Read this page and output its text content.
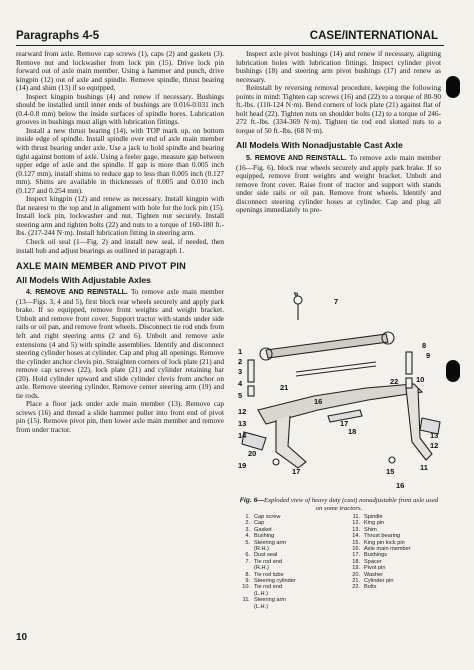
Paragraphs 4-5	CASE/INTERNATIONAL

rearward from axle. Remove cap screws (1), caps (2) and gaskets (3). Remove nut and lockwasher from lock pin (15). Drive lock pin forward out of axle main member. Using a hammer and punch, drive kingpin (12) out of axle and spindle. Remove spindle, thrust bearing (14) and shim (13) if so equipped.

Inspect kingpin bushings (4) and renew if necessary. Bushings should be installed until inner ends of bushings are 0.016-0.031 inch (0.4-0.8 mm) below the inside surfaces of spindle bores. Lubrication grooves in bushings must align with lubrication fittings.

Install a new thrust bearing (14), with TOP mark up, on bottom inside edge of spindle. Install spindle over end of axle main member with thrust bearing under axle. Use a jack to hold spindle and bearing tight against bottom of axle. Using a feeler gage, measure gap between upper edge of axle and the spindle. If gap is more than 0.005 inch (0.127 mm), install shims to reduce gap to less than 0.005 inch (0.127 mm). Shims are available in thicknesses of 0.005 and 0.010 inch (0.127 and 0.254 mm).

Inspect kingpin (12) and renew as necessary. Install kingpin with flat nearest to the top and in alignment with hole for the lock pin (15). Install lock pin, lockwasher and nut. Tighten nut securely. Install steering arm and tighten bolts (22) and nuts to a torque of 160-180 ft.-lbs. (217-244 N·m). Install lubrication fitting in steering arm.

Check oil seal (1—Fig. 2) and install new seal, if needed, then install hub and adjust bearings as outlined in paragraph 1.

AXLE MAIN MEMBER AND PIVOT PIN
All Models With Adjustable Axles

4. REMOVE AND REINSTALL. To remove axle main member (13—Figs. 3, 4 and 5), first block rear wheels securely and apply park brake. If so equipped, remove front weights and weight bracket. Unbolt and remove front cover. Support tractor with stands under side rails or oil pan, and remove front wheels. Disconnect tie rod ends from left and right steering arms (2 and 6). Unbolt and remove axle extensions (4 and 5) with spindle assemblies. Identify and disconnect steering cylinder hoses at cylinder. Cap and plug all openings. Remove the cylinder anchor clevis pin. Straighten corners of lock plate (21) and remove cap screws (22), lock plate (21) and cylinder retaining bar (20). Hold cylinder upward and slide cylinder clevis from anchor on axle. Remove steering cylinder. Remove center steering arm (19) and tie rods.

Place a floor jack under axle main member (13). Remove cap screws (16) and thread a slide hammer puller into front end of pivot pin (15). Remove pivot pin, then lower axle main member and remove from under tractor.

Inspect axle pivot bushings (14) and renew if necessary, aligning lubrication holes with lubrication fittings. Inspect cylinder pivot bushings (18) and steering arm pivot bushings (17) and renew as necessary.

Reinstall by reversing removal procedure, keeping the following points in mind: Tighten cap screws (16) and (22) to a torque of 80-90 ft.-lbs. (110-124 N·m). Bend corners of lock plate (21) against flat of bolt head (22). Tighten nuts on shoulder bolts (12) to a torque of 246-272 ft.-lbs. (334-369 N·m). Tighten tie rod end slotted nuts to a torque of 50 ft.-lbs. (68 N·m).

All Models With Nonadjustable Cast Axle

5. REMOVE AND REINSTALL. To remove axle main member (16—Fig. 6), block rear wheels securely and apply park brake. If so equipped, remove front weights and weight bracket. Unbolt and remove front cover. Raise front of tractor and support with stands under side rails or oil pan. Remove front wheels. Identify and disconnect steering cylinder hoses at cylinder. Cap and plug all openings immediately to pre-

6
7
1
2
3
4
5
21
22 10
8
9
16
12
13
14
20
19
17
17
18
15
16
11
12
13
Fig. 6—Exploded view of heavy duty (cast) nonadjustable front axle used on some tractors.
1. Cap screw
2. Cap
3. Gasket
4. Bushing
5. Steering arm
(R.H.)
6. Dust seal
7. Tie rod end
(R.H.)
8. Tie rod tube
9. Steering cylinder
10. Tie rod end
(L.H.)
11. Steering arm
(L.H.)
11. Spindle
12. King pin
13. Shim
14. Thrust bearing
15. King pin lock pin
16. Axle main member
17. Bushings
18. Spacer
19. Pivot pin
20. Washer
21. Cylinder pin
22. Bolts
10
